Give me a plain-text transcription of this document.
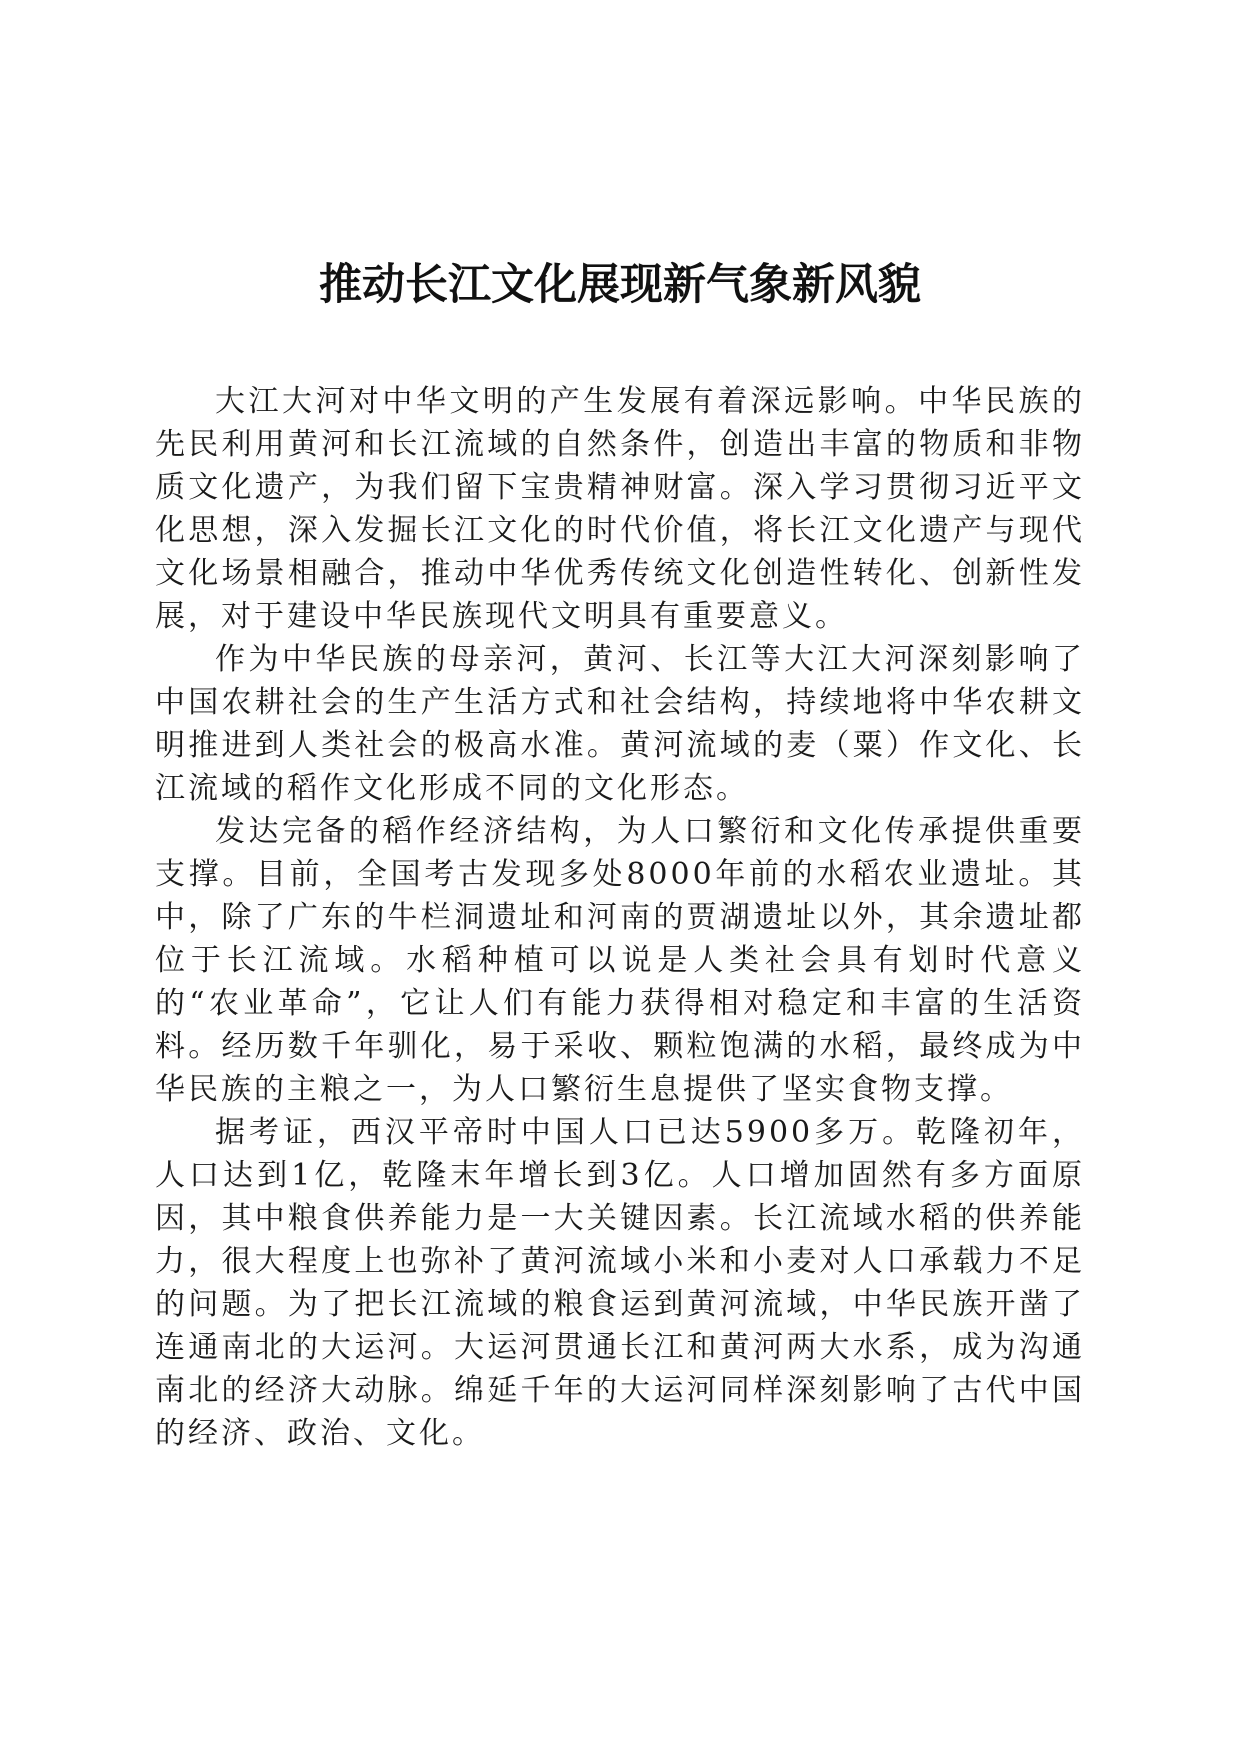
推动长江文化展现新气象新风貌

大江大河对中华文明的产生发展有着深远影响。中华民族的先民利用黄河和长江流域的自然条件，创造出丰富的物质和非物质文化遗产，为我们留下宝贵精神财富。深入学习贯彻习近平文化思想，深入发掘长江文化的时代价值，将长江文化遗产与现代文化场景相融合，推动中华优秀传统文化创造性转化、创新性发展，对于建设中华民族现代文明具有重要意义。

作为中华民族的母亲河，黄河、长江等大江大河深刻影响了中国农耕社会的生产生活方式和社会结构，持续地将中华农耕文明推进到人类社会的极高水准。黄河流域的麦（粟）作文化、长江流域的稻作文化形成不同的文化形态。

发达完备的稻作经济结构，为人口繁衍和文化传承提供重要支撑。目前，全国考古发现多处8000年前的水稻农业遗址。其中，除了广东的牛栏洞遗址和河南的贾湖遗址以外，其余遗址都位于长江流域。水稻种植可以说是人类社会具有划时代意义的“农业革命”，它让人们有能力获得相对稳定和丰富的生活资料。经历数千年驯化，易于采收、颗粒饱满的水稻，最终成为中华民族的主粮之一，为人口繁衍生息提供了坚实食物支撑。

据考证，西汉平帝时中国人口已达5900多万。乾隆初年，人口达到1亿，乾隆末年增长到3亿。人口增加固然有多方面原因，其中粮食供养能力是一大关键因素。长江流域水稻的供养能力，很大程度上也弥补了黄河流域小米和小麦对人口承载力不足的问题。为了把长江流域的粮食运到黄河流域，中华民族开凿了连通南北的大运河。大运河贯通长江和黄河两大水系，成为沟通南北的经济大动脉。绵延千年的大运河同样深刻影响了古代中国的经济、政治、文化。
